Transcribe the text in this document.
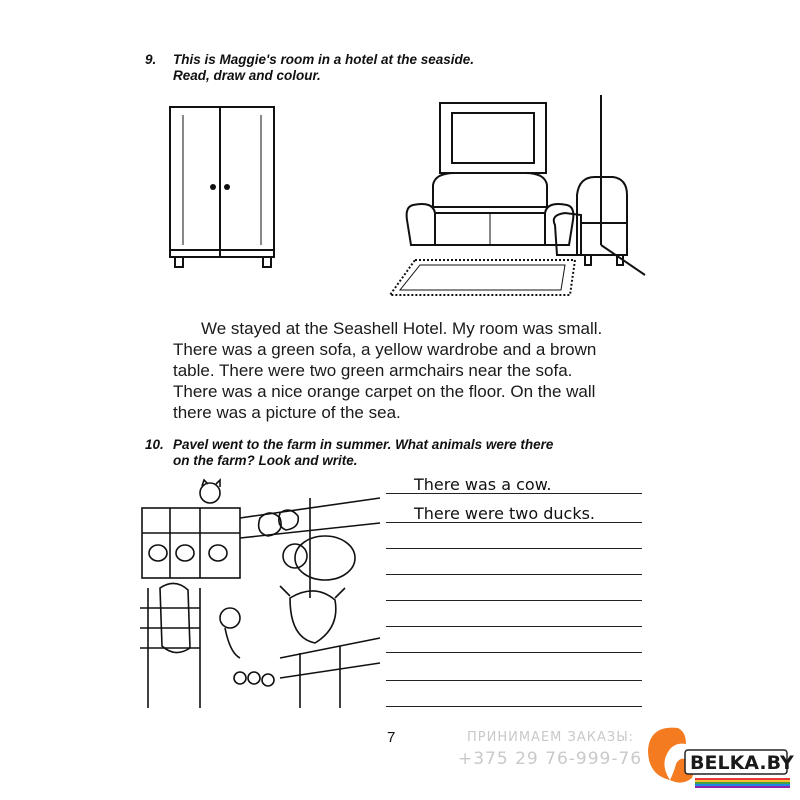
9. This is Maggie's room in a hotel at the seaside.
Read, draw and colour.
We stayed at the Seashell Hotel. My room was small.
There was a green sofa, a yellow wardrobe and a brown
table. There were two green armchairs near the sofa.
There was a nice orange carpet on the floor. On the wall
there was a picture of the sea.
10. Pavel went to the farm in summer. What animals were there
on the farm? Look and write.
There was a cow.
There were two ducks.
7	ПРИНИМАЕМ ЗАКАЗЫ:
+375 29 76-999-76	BELKA.BY
